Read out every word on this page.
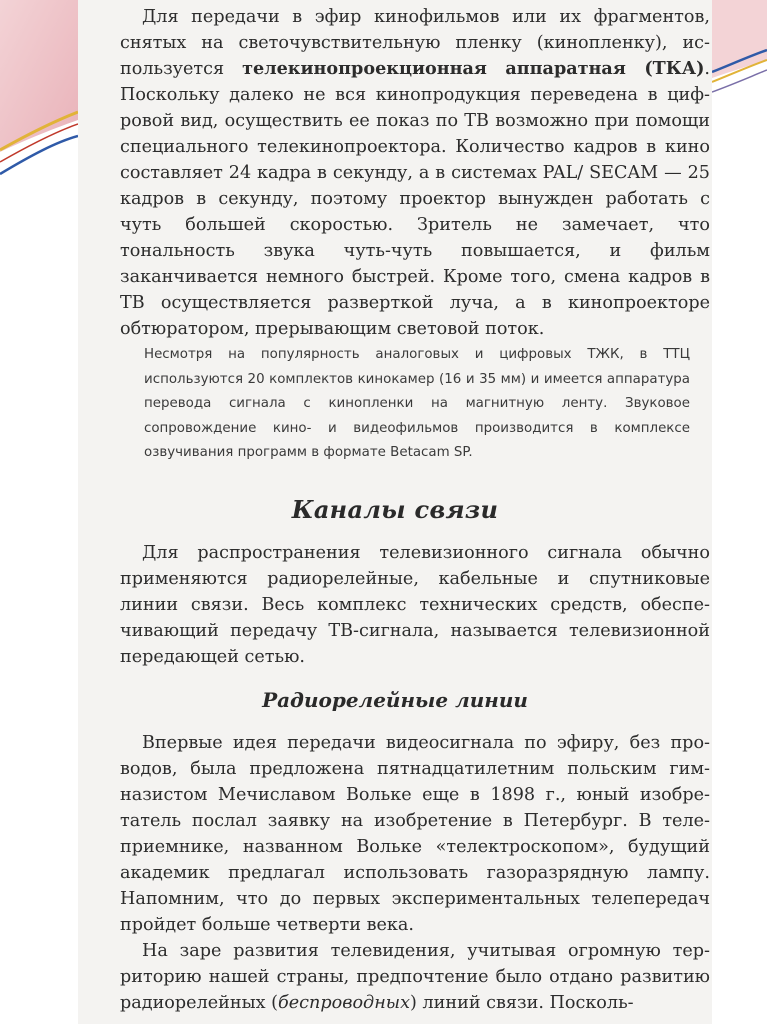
Для передачи в эфир кинофильмов или их фрагментов, снятых на светочувствительную пленку (кинопленку), используется телекинопроекционная аппаратная (ТКА). Поскольку далеко не вся кинопродукция переведена в цифровой вид, осуществить ее показ по ТВ возможно при помощи специального телекинопроектора. Количество кадров в кино составляет 24 кадра в секунду, а в системах PAL/ SECAM — 25 кадров в секунду, поэтому проектор вынужден работать с чуть большей скоростью. Зритель не замечает, что тональность звука чуть-чуть повышается, и фильм заканчивается немного быстрей. Кроме того, смена кадров в ТВ осуществляется разверткой луча, а в кинопроекторе обтюратором, прерывающим световой поток.

Несмотря на популярность аналоговых и цифровых ТЖК, в ТТЦ используются 20 комплектов кинокамер (16 и 35 мм) и имеется аппаратура перевода сигнала с кинопленки на магнитную ленту. Звуковое сопровождение кино- и видеофильмов производится в комплексе озвучивания программ в формате Betacam SP.

Каналы связи

Для распространения телевизионного сигнала обычно применяются радиорелейные, кабельные и спутниковые линии связи. Весь комплекс технических средств, обеспечивающий передачу ТВ-сигнала, называется телевизионной передающей сетью.

Радиорелейные линии

Впервые идея передачи видеосигнала по эфиру, без проводов, была предложена пятнадцатилетним польским гимназистом Мечиславом Вольке еще в 1898 г., юный изобретатель послал заявку на изобретение в Петербург. В телеприемнике, названном Вольке «телектроскопом», будущий академик предлагал использовать газоразрядную лампу. Напомним, что до первых экспериментальных телепередач пройдет больше четверти века.

На заре развития телевидения, учитывая огромную территорию нашей страны, предпочтение было отдано развитию радиорелейных (беспроводных) линий связи. Посколь-
